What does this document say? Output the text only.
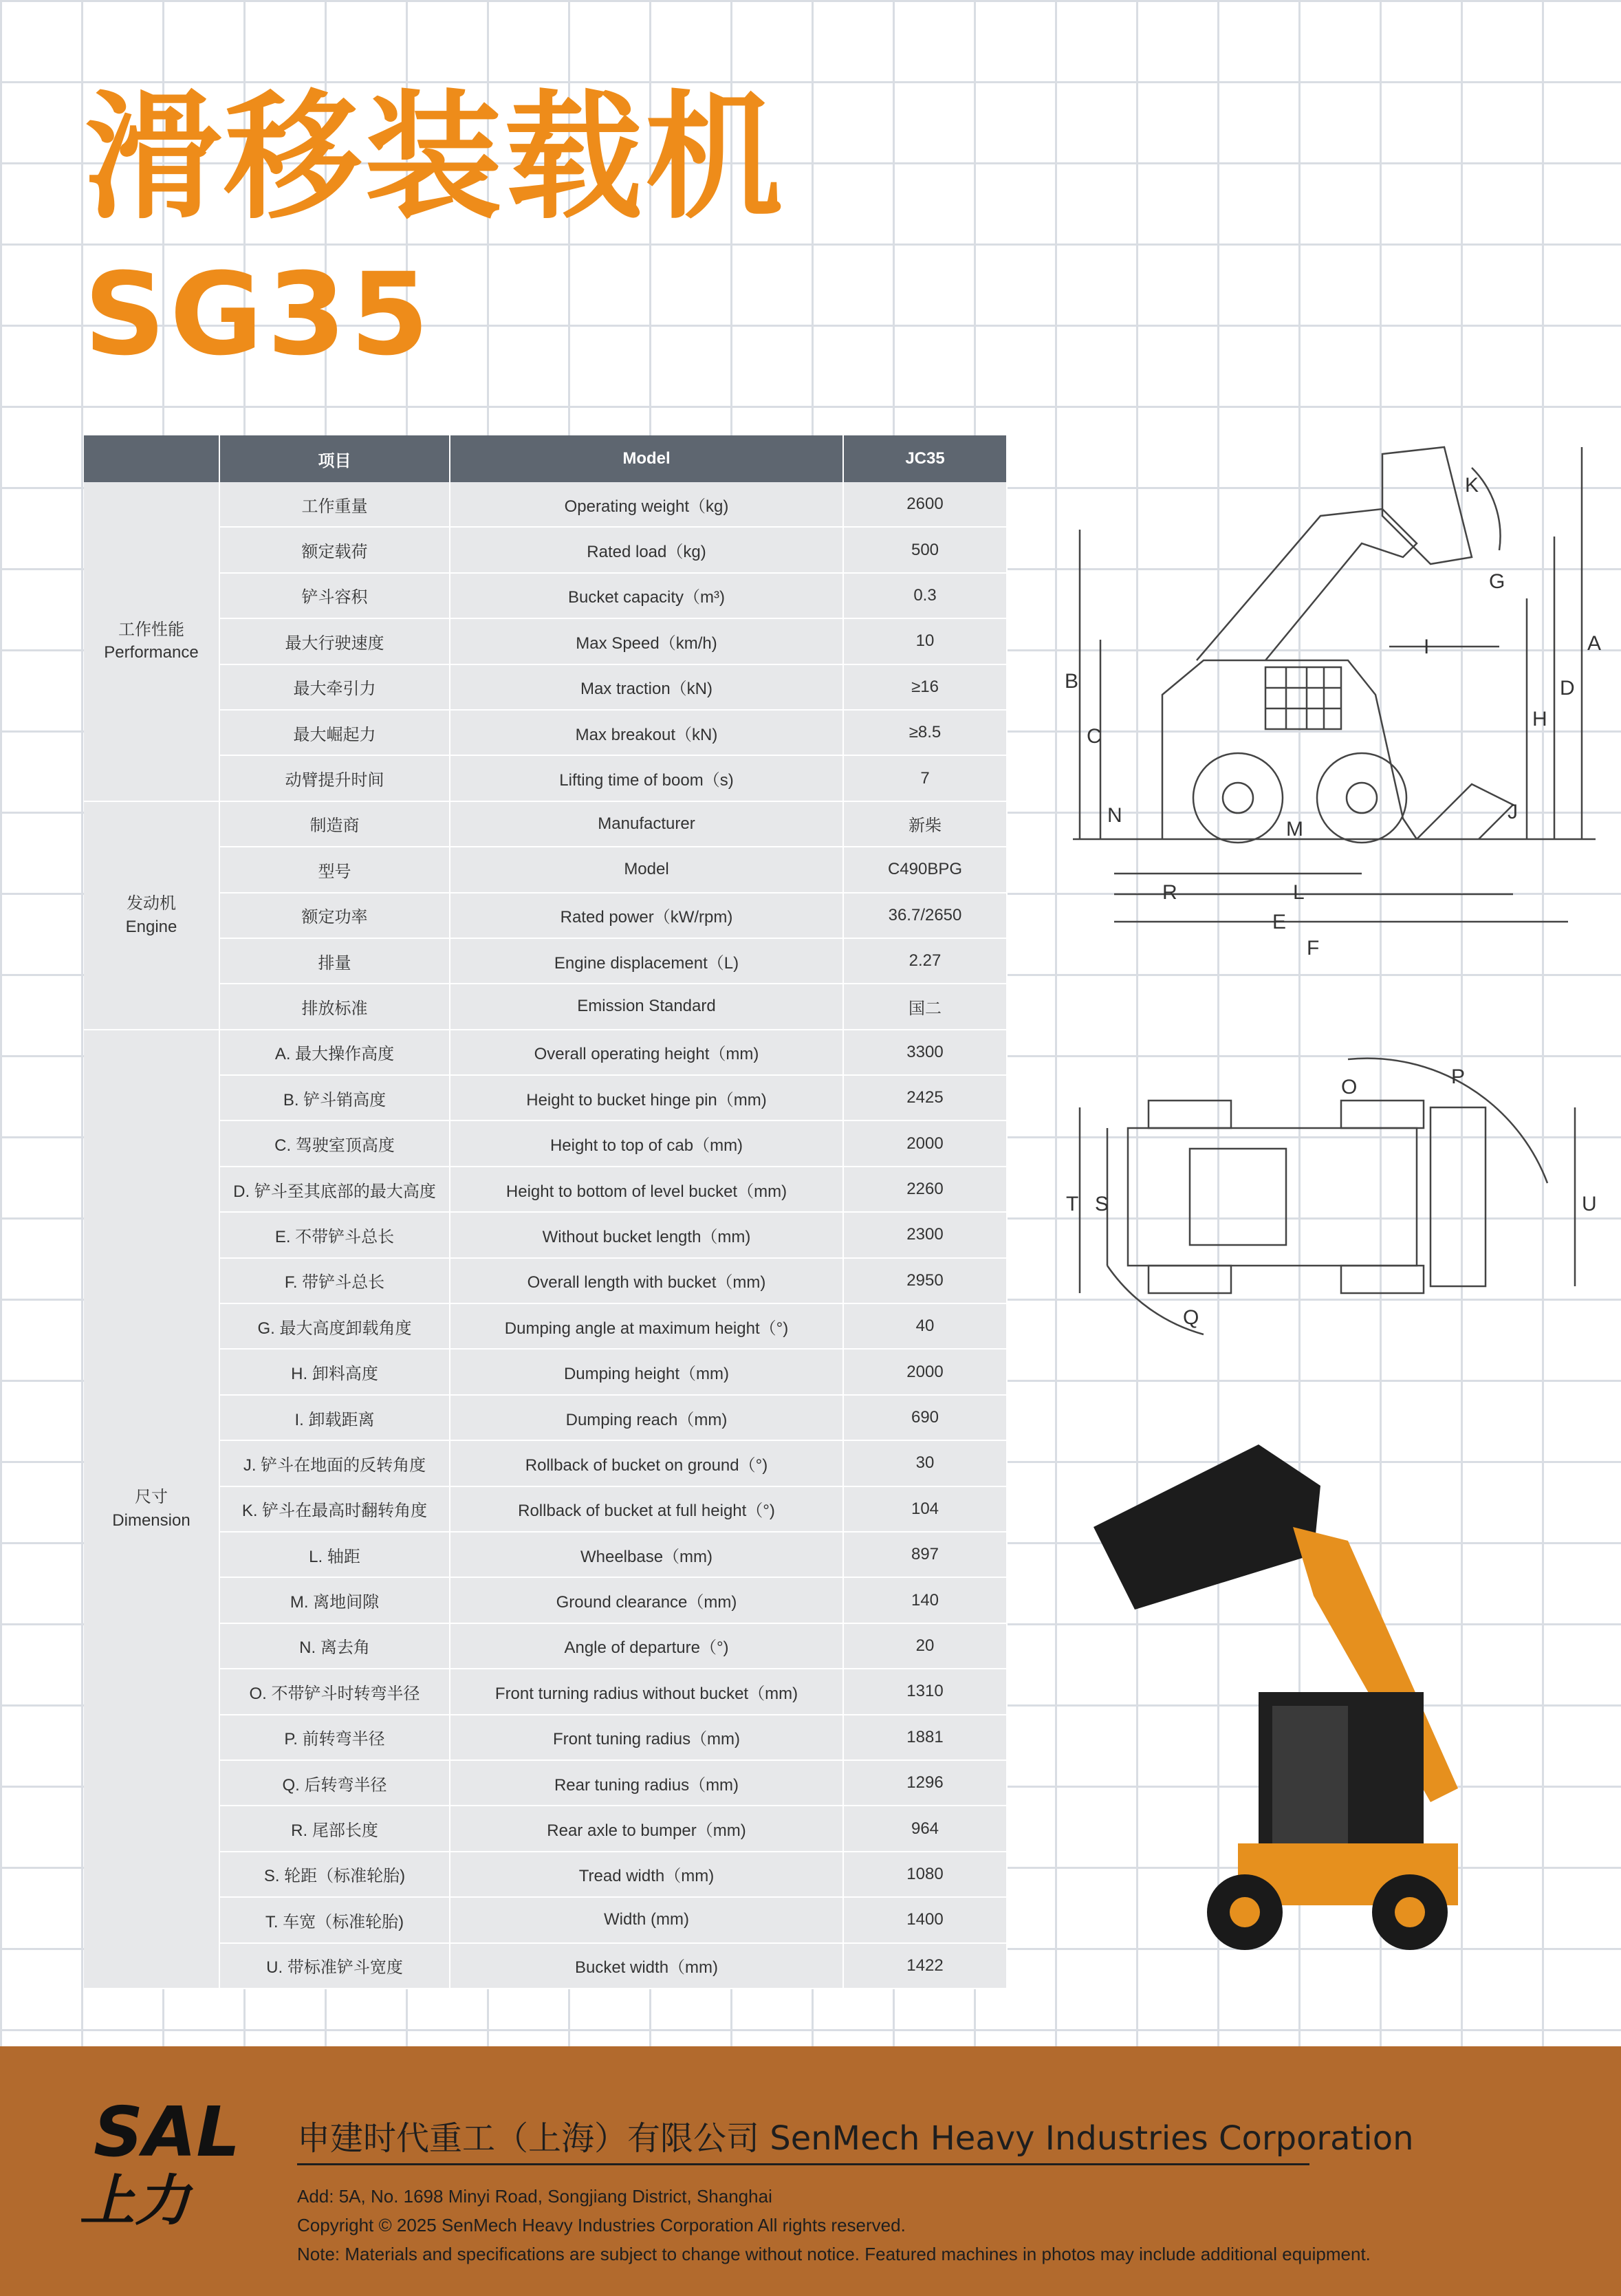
滑移装载机
SG35
	项目	Model	JC35

工作性能
Performance	工作重量	Operating weight（kg)	2600
	额定载荷	Rated load（kg)	500
	铲斗容积	Bucket capacity（m³)	0.3
	最大行驶速度	Max Speed（km/h)	10
	最大牵引力	Max traction（kN)	≥16
	最大崛起力	Max breakout（kN)	≥8.5
	动臂提升时间	Lifting time of boom（s)	7

发动机
Engine	制造商	Manufacturer	新柴
	型号	Model	C490BPG
	额定功率	Rated power（kW/rpm)	36.7/2650
	排量	Engine displacement（L)	2.27
	排放标准	Emission Standard	国二

尺寸
Dimension	A. 最大操作高度	Overall operating height（mm)	3300
	B. 铲斗销高度	Height to bucket hinge pin（mm)	2425
	C. 驾驶室顶高度	Height to top of cab（mm)	2000
	D. 铲斗至其底部的最大高度	Height to bottom of level bucket（mm)	2260
	E. 不带铲斗总长	Without bucket length（mm)	2300
	F. 带铲斗总长	Overall length with bucket（mm)	2950
	G. 最大高度卸载角度	Dumping angle at maximum height（°)	40
	H. 卸料高度	Dumping height（mm)	2000
	I. 卸载距离	Dumping reach（mm)	690
	J. 铲斗在地面的反转角度	Rollback of bucket on ground（°)	30
	K. 铲斗在最高时翻转角度	Rollback of bucket at full height（°)	104
	L. 轴距	Wheelbase（mm)	897
	M. 离地间隙	Ground clearance（mm)	140
	N. 离去角	Angle of departure（°)	20
	O. 不带铲斗时转弯半径	Front turning radius without bucket（mm)	1310
	P. 前转弯半径	Front tuning radius（mm)	1881
	Q. 后转弯半径	Rear tuning radius（mm)	1296
	R. 尾部长度	Rear axle to bumper（mm)	964
	S. 轮距（标准轮胎)	Tread width（mm)	1080
	T. 车宽（标准轮胎)	Width (mm)	1400
	U. 带标准铲斗宽度	Bucket width（mm)	1422
A
B
C
D
E
F
G
H
I
J
K
L
M
N
R
O	P
Q
S
T	U
SAL
上力
申建时代重工（上海）有限公司 SenMech Heavy Industries Corporation
Add: 5A, No. 1698 Minyi Road, Songjiang District, Shanghai
Copyright © 2025 SenMech Heavy Industries Corporation All rights reserved.
Note: Materials and specifications are subject to change without notice. Featured machines in photos may include additional equipment.
